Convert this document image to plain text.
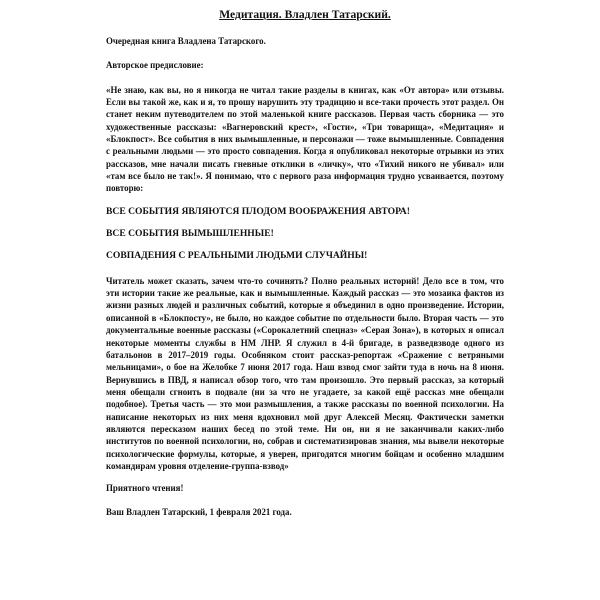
Медитация. Владлен Татарский.

Очередная книга Владлена Татарского.

Авторское предисловие:

«Не знаю, как вы, но я никогда не читал такие разделы в книгах, как «От автора» или отзывы. Если вы такой же, как и я, то прошу нарушить эту традицию и все-таки прочесть этот раздел. Он станет неким путеводителем по этой маленькой книге рассказов. Первая часть сборника — это художественные рассказы: «Вагнеровский крест», «Гости», «Три товарища», «Медитация» и «Блокпост». Все события в них вымышленные, и персонажи — тоже вымышленные. Совпадения с реальными людьми — это просто совпадения. Когда я опубликовал некоторые отрывки из этих рассказов, мне начали писать гневные отклики в «личку», что «Тихий никого не убивал» или «там все было не так!». Я понимаю, что с первого раза информация трудно усваивается, поэтому повторю:

ВСЕ СОБЫТИЯ ЯВЛЯЮТСЯ ПЛОДОМ ВООБРАЖЕНИЯ АВТОРА!

ВСЕ СОБЫТИЯ ВЫМЫШЛЕННЫЕ!

СОВПАДЕНИЯ С РЕАЛЬНЫМИ ЛЮДЬМИ СЛУЧАЙНЫ!

Читатель может сказать, зачем что-то сочинять? Полно реальных историй! Дело все в том, что эти истории такие же реальные, как и вымышленные. Каждый рассказ — это мозаика фактов из жизни разных людей и различных событий, которые я объединил в одно произведение. Истории, описанной в «Блокпосту», не было, но каждое событие по отдельности было. Вторая часть — это документальные военные рассказы («Сорокалетний спецназ» «Серая Зона»), в которых я описал некоторые моменты службы в НМ ЛНР. Я служил в 4-й бригаде, в разведвзводе одного из батальонов в 2017–2019 годы. Особняком стоит рассказ-репортаж «Сражение с ветряными мельницами», о бое на Желобке 7 июня 2017 года. Наш взвод смог зайти туда в ночь на 8 июня. Вернувшись в ПВД, я написал обзор того, что там произошло. Это первый рассказ, за который меня обещали сгноить в подвале (ни за что не угадаете, за какой ещё рассказ мне обещали подобное). Третья часть — это мои размышления, а также рассказы по военной психологии. На написание некоторых из них меня вдохновил мой друг Алексей Месяц. Фактически заметки являются пересказом наших бесед по этой теме. Ни он, ни я не заканчивали каких-либо институтов по военной психологии, но, собрав и систематизировав знания, мы вывели некоторые психологические формулы, которые, я уверен, пригодятся многим бойцам и особенно младшим командирам уровня отделение-группа-взвод»

Приятного чтения!

Ваш Владлен Татарский, 1 февраля 2021 года.
